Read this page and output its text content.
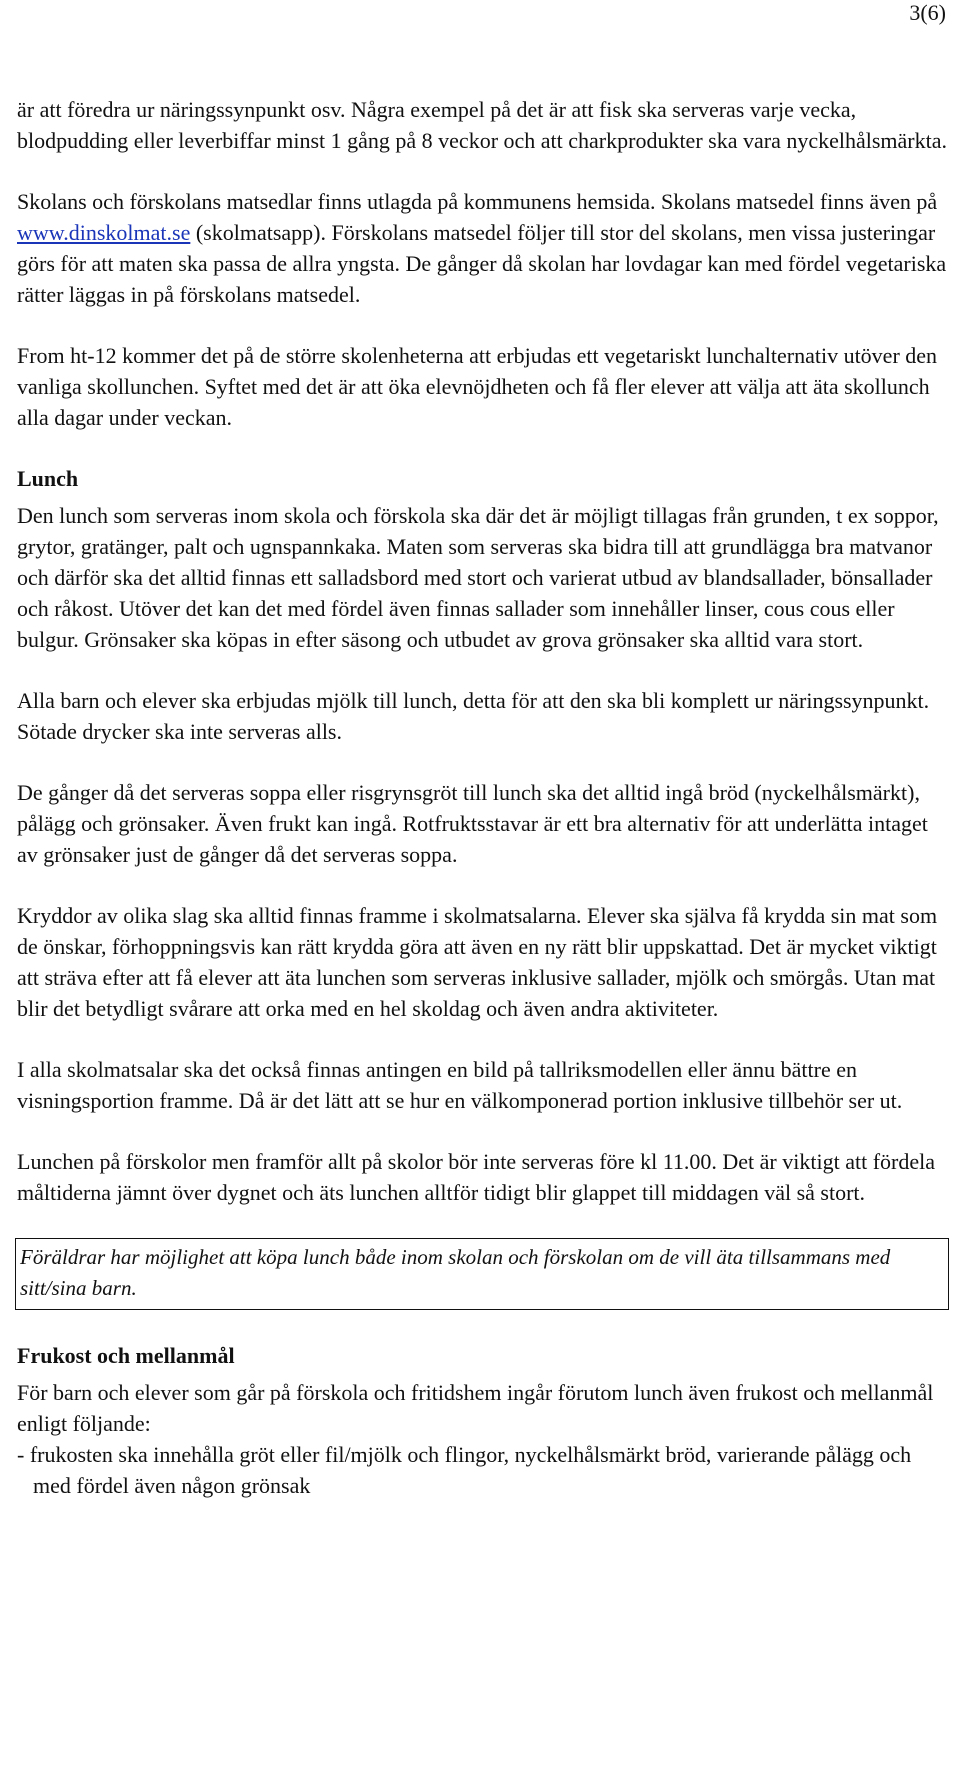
3(6)

är att föredra ur näringssynpunkt osv. Några exempel på det är att fisk ska serveras varje vecka, blodpudding eller leverbiffar minst 1 gång på 8 veckor och att charkprodukter ska vara nyckelhålsmärkta.

Skolans och förskolans matsedlar finns utlagda på kommunens hemsida. Skolans matsedel finns även på www.dinskolmat.se (skolmatsapp). Förskolans matsedel följer till stor del skolans, men vissa justeringar görs för att maten ska passa de allra yngsta. De gånger då skolan har lovdagar kan med fördel vegetariska rätter läggas in på förskolans matsedel.

From ht-12 kommer det på de större skolenheterna att erbjudas ett vegetariskt lunchalternativ utöver den vanliga skollunchen. Syftet med det är att öka elevnöjdheten och få fler elever att välja att äta skollunch alla dagar under veckan.

Lunch

Den lunch som serveras inom skola och förskola ska där det är möjligt tillagas från grunden, t ex soppor, grytor, gratänger, palt och ugnspannkaka. Maten som serveras ska bidra till att grundlägga bra matvanor och därför ska det alltid finnas ett salladsbord med stort och varierat utbud av blandsallader, bönsallader och råkost. Utöver det kan det med fördel även finnas sallader som innehåller linser, cous cous eller bulgur. Grönsaker ska köpas in efter säsong och utbudet av grova grönsaker ska alltid vara stort.

Alla barn och elever ska erbjudas mjölk till lunch, detta för att den ska bli komplett ur näringssynpunkt. Sötade drycker ska inte serveras alls.

De gånger då det serveras soppa eller risgrynsgröt till lunch ska det alltid ingå bröd (nyckelhålsmärkt), pålägg och grönsaker. Även frukt kan ingå. Rotfruktsstavar är ett bra alternativ för att underlätta intaget av grönsaker just de gånger då det serveras soppa.

Kryddor av olika slag ska alltid finnas framme i skolmatsalarna. Elever ska själva få krydda sin mat som de önskar, förhoppningsvis kan rätt krydda göra att även en ny rätt blir uppskattad. Det är mycket viktigt att sträva efter att få elever att äta lunchen som serveras inklusive sallader, mjölk och smörgås. Utan mat blir det betydligt svårare att orka med en hel skoldag och även andra aktiviteter.

I alla skolmatsalar ska det också finnas antingen en bild på tallriksmodellen eller ännu bättre en visningsportion framme. Då är det lätt att se hur en välkomponerad portion inklusive tillbehör ser ut.

Lunchen på förskolor men framför allt på skolor bör inte serveras före kl 11.00. Det är viktigt att fördela måltiderna jämnt över dygnet och äts lunchen alltför tidigt blir glappet till middagen väl så stort.

Föräldrar har möjlighet att köpa lunch både inom skolan och förskolan om de vill äta tillsammans med sitt/sina barn.
Frukost och mellanmål

För barn och elever som går på förskola och fritidshem ingår förutom lunch även frukost och mellanmål enligt följande:

- frukosten ska innehålla gröt eller fil/mjölk och flingor, nyckelhålsmärkt bröd, varierande pålägg och med fördel även någon grönsak
